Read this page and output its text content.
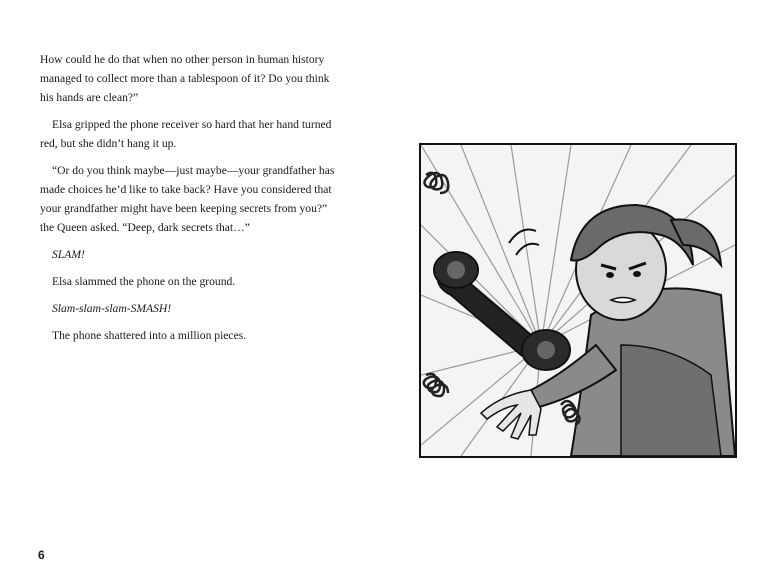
How could he do that when no other person in human history managed to collect more than a tablespoon of it? Do you think his hands are clean?”

Elsa gripped the phone receiver so hard that her hand turned red, but she didn’t hang it up.

“Or do you think maybe—just maybe—your grandfather has made choices he’d like to take back? Have you considered that your grandfather might have been keeping secrets from you?” the Queen asked. “Deep, dark secrets that…”

SLAM!

Elsa slammed the phone on the ground.

Slam-slam-slam-SMASH!

The phone shattered into a million pieces.

6
